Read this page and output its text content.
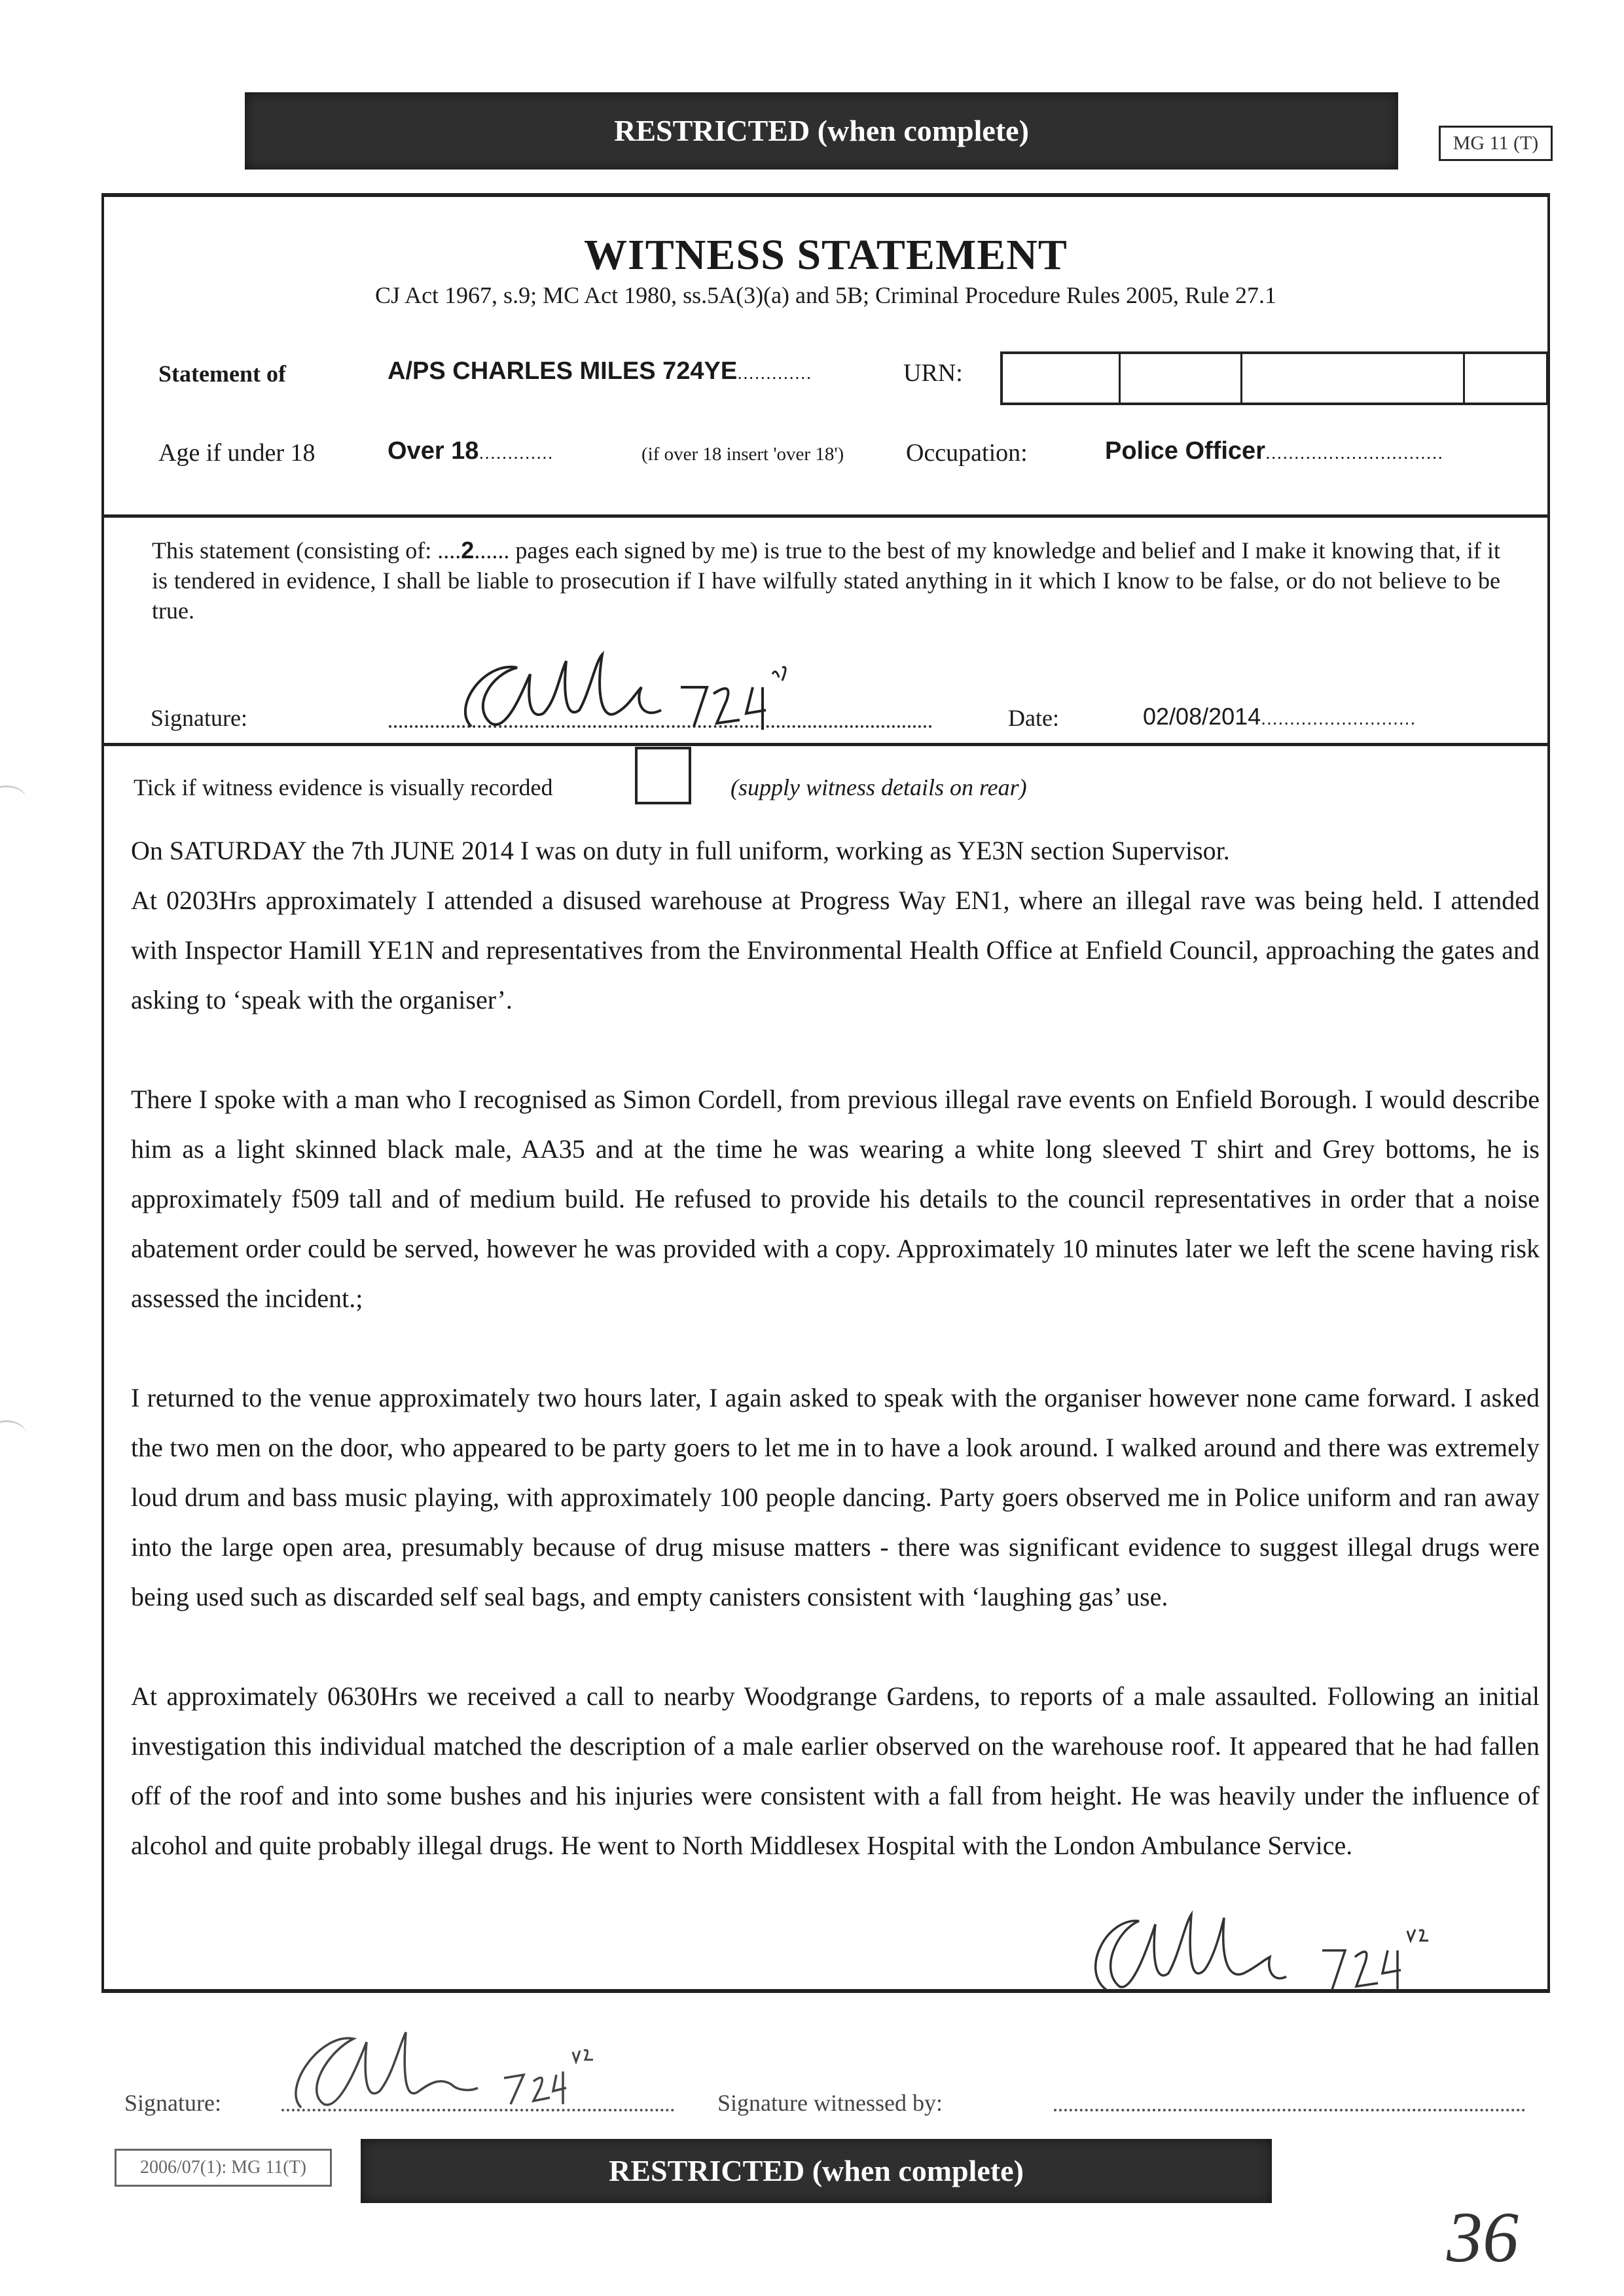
RESTRICTED (when complete)	MG 11 (T)
WITNESS STATEMENT
CJ Act 1967, s.9; MC Act 1980, ss.5A(3)(a) and 5B; Criminal Procedure Rules 2005, Rule 27.1
Statement of	A/PS CHARLES MILES 724YE.............	URN:
Age if under 18	Over 18.............	(if over 18 insert 'over 18') Occupation:	Police Officer...............................
This statement (consisting of: ....2...... pages each signed by me) is true to the best of my knowledge and belief and I make it knowing that, if it is tendered in evidence, I shall be liable to prosecution if I have wilfully stated anything in it which I know to be false, or do not believe to be true.
Signature:	Date:	02/08/2014...........................
Tick if witness evidence is visually recorded	(supply witness details on rear)

On SATURDAY the 7th JUNE 2014 I was on duty in full uniform, working as YE3N section Supervisor.

At 0203Hrs approximately I attended a disused warehouse at Progress Way EN1, where an illegal rave was being held. I attended with Inspector Hamill YE1N and representatives from the Environmental Health Office at Enfield Council, approaching the gates and asking to ‘speak with the organiser’.

There I spoke with a man who I recognised as Simon Cordell, from previous illegal rave events on Enfield Borough. I would describe him as a light skinned black male, AA35 and at the time he was wearing a white long sleeved T shirt and Grey bottoms, he is approximately f509 tall and of medium build. He refused to provide his details to the council representatives in order that a noise abatement order could be served, however he was provided with a copy. Approximately 10 minutes later we left the scene having risk assessed the incident.;

I returned to the venue approximately two hours later, I again asked to speak with the organiser however none came forward. I asked the two men on the door, who appeared to be party goers to let me in to have a look around. I walked around and there was extremely loud drum and bass music playing, with approximately 100 people dancing. Party goers observed me in Police uniform and ran away into the large open area, presumably because of drug misuse matters - there was significant evidence to suggest illegal drugs were being used such as discarded self seal bags, and empty canisters consistent with ‘laughing gas’ use.

At approximately 0630Hrs we received a call to nearby Woodgrange Gardens, to reports of a male assaulted. Following an initial investigation this individual matched the description of a male earlier observed on the warehouse roof. It appeared that he had fallen off of the roof and into some bushes and his injuries were consistent with a fall from height. He was heavily under the influence of alcohol and quite probably illegal drugs. He went to North Middlesex Hospital with the London Ambulance Service.

Signature:	Signature witnessed by:
2006/07(1): MG 11(T)	RESTRICTED (when complete)
36
